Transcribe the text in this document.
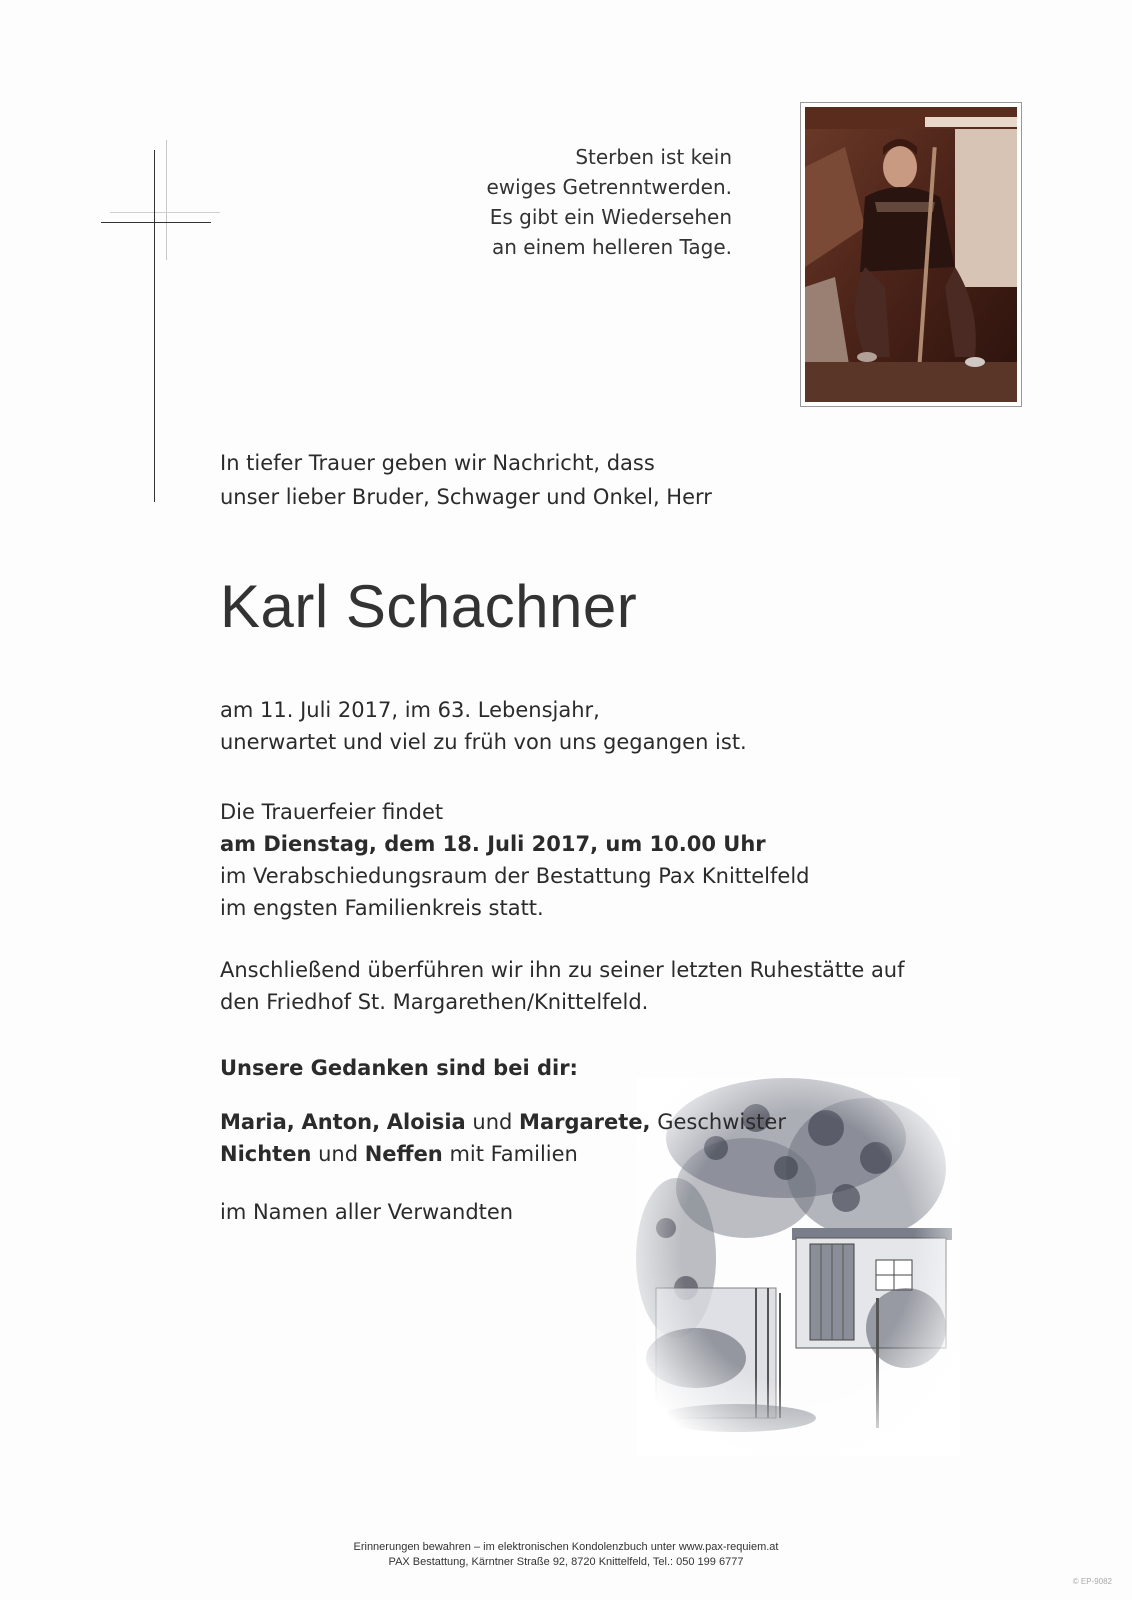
Sterben ist kein
ewiges Getrenntwerden.
Es gibt ein Wiedersehen
an einem helleren Tage.
In tiefer Trauer geben wir Nachricht, dass
unser lieber Bruder, Schwager und Onkel, Herr
Karl Schachner
am 11. Juli 2017, im 63. Lebensjahr,
unerwartet und viel zu früh von uns gegangen ist.
Die Trauerfeier findet
am Dienstag, dem 18. Juli 2017, um 10.00 Uhr
im Verabschiedungsraum der Bestattung Pax Knittelfeld
im engsten Familienkreis statt.
Anschließend überführen wir ihn zu seiner letzten Ruhestätte auf
den Friedhof St. Margarethen/Knittelfeld.
Unsere Gedanken sind bei dir:
Maria, Anton, Aloisia und Margarete, Geschwister
Nichten und Neffen mit Familien
im Namen aller Verwandten
Erinnerungen bewahren – im elektronischen Kondolenzbuch unter www.pax-requiem.at
PAX Bestattung, Kärntner Straße 92, 8720 Knittelfeld, Tel.: 050 199 6777
© EP-9082
